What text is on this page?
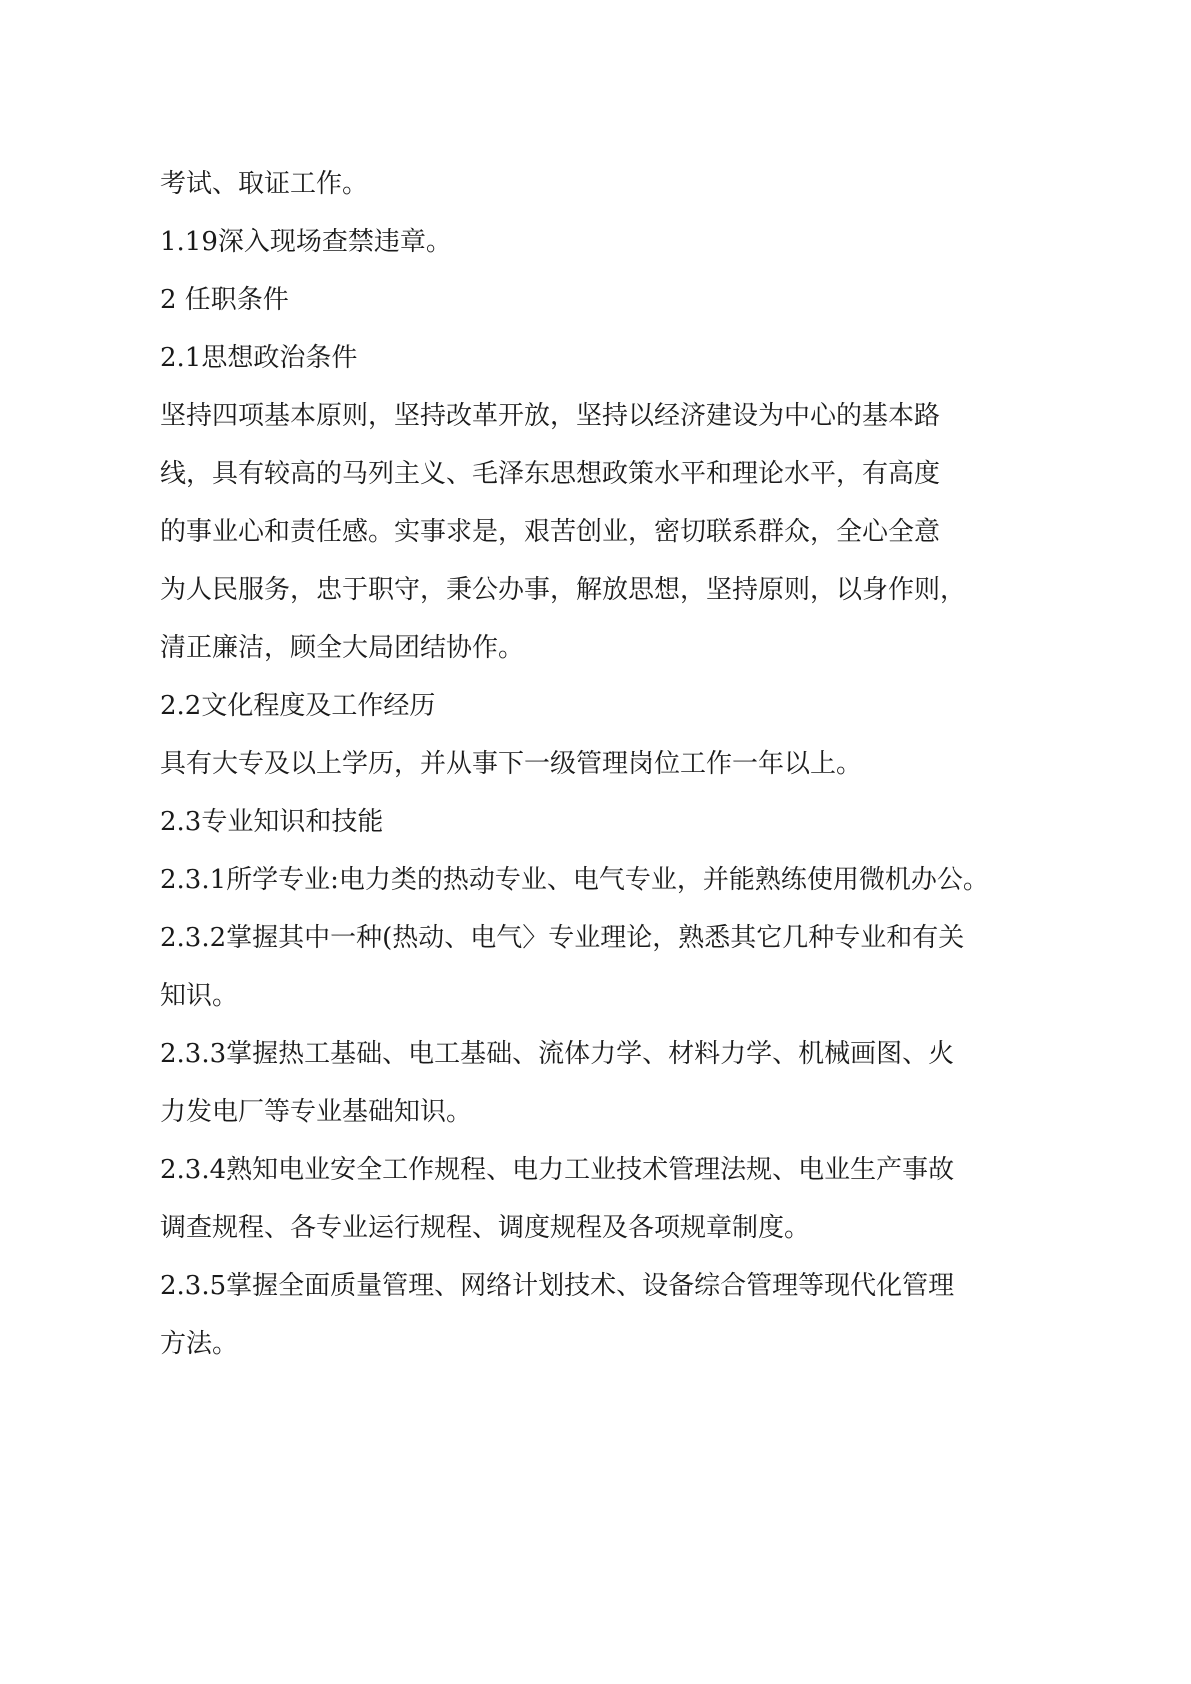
考试、取证工作。
1.19深入现场查禁违章。
2 任职条件
2.1思想政治条件
坚持四项基本原则，坚持改革开放，坚持以经济建设为中心的基本路
线，具有较高的马列主义、毛泽东思想政策水平和理论水平，有高度
的事业心和责任感。实事求是，艰苦创业，密切联系群众，全心全意
为人民服务，忠于职守，秉公办事，解放思想，坚持原则，以身作则，
清正廉洁，顾全大局团结协作。
2.2文化程度及工作经历
具有大专及以上学历，并从事下一级管理岗位工作一年以上。
2.3专业知识和技能
2.3.1所学专业:电力类的热动专业、电气专业，并能熟练使用微机办公。
2.3.2掌握其中一种(热动、电气〉专业理论，熟悉其它几种专业和有关
知识。
2.3.3掌握热工基础、电工基础、流体力学、材料力学、机械画图、火
力发电厂等专业基础知识。
2.3.4熟知电业安全工作规程、电力工业技术管理法规、电业生产事故
调查规程、各专业运行规程、调度规程及各项规章制度。
2.3.5掌握全面质量管理、网络计划技术、设备综合管理等现代化管理
方法。
